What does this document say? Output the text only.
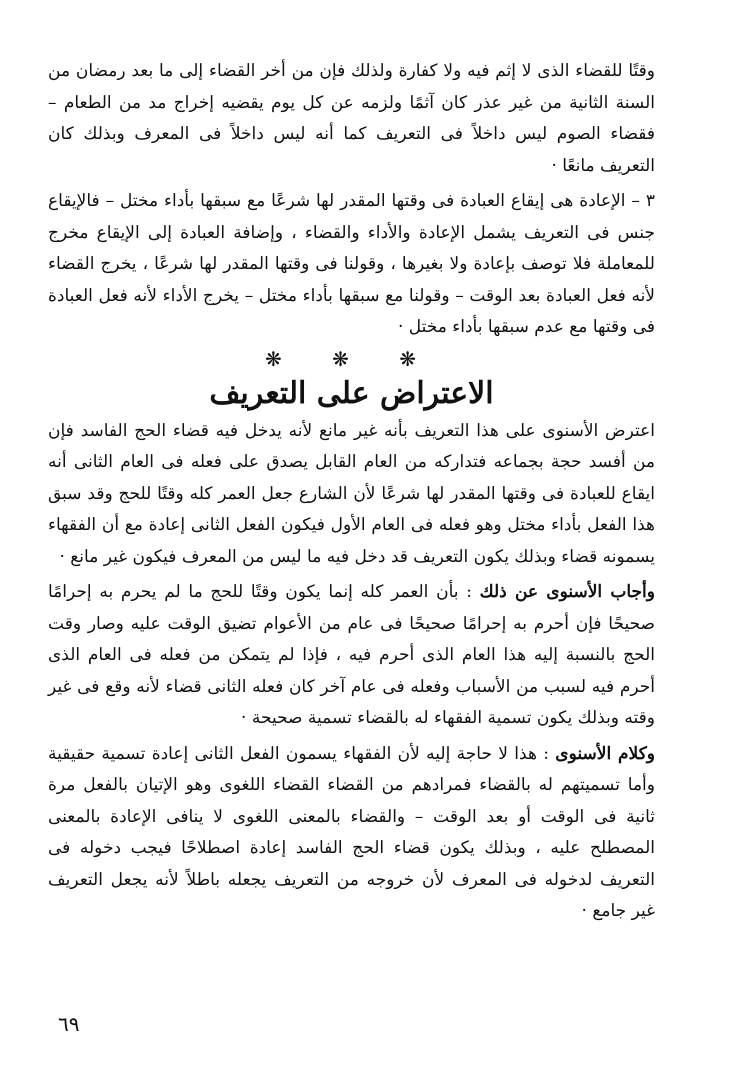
وقتًا للقضاء الذى لا إثم فيه ولا كفارة ولذلك فإن من أخر القضاء إلى ما بعد رمضان من السنة الثانية من غير عذر كان آثمًا ولزمه عن كل يوم يقضيه إخراج مد من الطعام – فقضاء الصوم ليس داخلاً فى التعريف كما أنه ليس داخلاً فى المعرف وبذلك كان التعريف مانعًا ·

٣ – الإعادة هى إيقاع العبادة فى وقتها المقدر لها شرعًا مع سبقها بأداء مختل – فالإيقاع جنس فى التعريف يشمل الإعادة والأداء والقضاء ، وإضافة العبادة إلى الإيقاع مخرج للمعاملة فلا توصف بإعادة ولا بغيرها ، وقولنا فى وقتها المقدر لها شرعًا ، يخرج القضاء لأنه فعل العبادة بعد الوقت – وقولنا مع سبقها بأداء مختل – يخرج الأداء لأنه فعل العبادة فى وقتها مع عدم سبقها بأداء مختل ·

❋ ❋ ❋
الاعتراض على التعريف

اعترض الأسنوى على هذا التعريف بأنه غير مانع لأنه يدخل فيه قضاء الحج الفاسد فإن من أفسد حجة بجماعه فتداركه من العام القابل يصدق على فعله فى العام الثانى أنه ايقاع للعبادة فى وقتها المقدر لها شرعًا لأن الشارع جعل العمر كله وقتًا للحج وقد سبق هذا الفعل بأداء مختل وهو فعله فى العام الأول فيكون الفعل الثانى إعادة مع أن الفقهاء يسمونه قضاء وبذلك يكون التعريف قد دخل فيه ما ليس من المعرف فيكون غير مانع ·

وأجاب الأسنوى عن ذلك : بأن العمر كله إنما يكون وقتًا للحج ما لم يحرم به إحرامًا صحيحًا فإن أحرم به إحرامًا صحيحًا فى عام من الأعوام تضيق الوقت عليه وصار وقت الحج بالنسبة إليه هذا العام الذى أحرم فيه ، فإذا لم يتمكن من فعله فى العام الذى أحرم فيه لسبب من الأسباب وفعله فى عام آخر كان فعله الثانى قضاء لأنه وقع فى غير وقته وبذلك يكون تسمية الفقهاء له بالقضاء تسمية صحيحة ·

وكلام الأسنوى : هذا لا حاجة إليه لأن الفقهاء يسمون الفعل الثانى إعادة تسمية حقيقية وأما تسميتهم له بالقضاء فمرادهم من القضاء القضاء اللغوى وهو الإتيان بالفعل مرة ثانية فى الوقت أو بعد الوقت – والقضاء بالمعنى اللغوى لا ينافى الإعادة بالمعنى المصطلح عليه ، وبذلك يكون قضاء الحج الفاسد إعادة اصطلاحًا فيجب دخوله فى التعريف لدخوله فى المعرف لأن خروجه من التعريف يجعله باطلاً لأنه يجعل التعريف غير جامع ·

٦٩
